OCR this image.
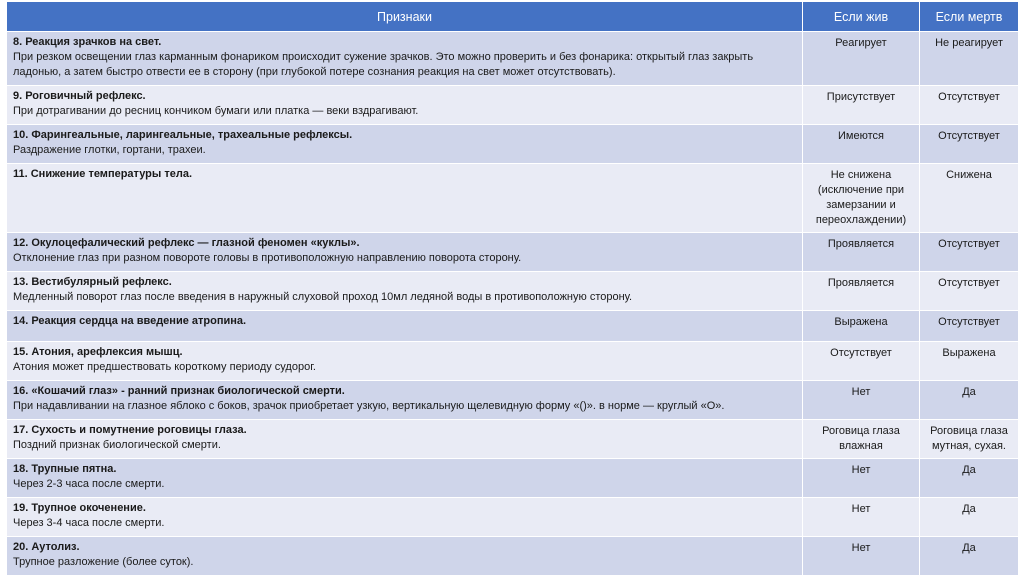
Признаки	Если жив	Если мертв

8. Реакция зрачков на свет.
При резком освещении глаз карманным фонариком происходит сужение зрачков. Это можно проверить и без фонарика: открытый глаз закрыть ладонью, а затем быстро отвести ее в сторону (при глубокой потере сознания реакция на свет может отсутствовать).	Реагирует	Не реагирует

9. Роговичный рефлекс.
При дотрагивании до ресниц кончиком бумаги или платка — веки вздрагивают.	Присутствует	Отсутствует

10. Фарингеальные, ларингеальные, трахеальные рефлексы.
Раздражение глотки, гортани, трахеи.	Имеются	Отсутствует

11. Снижение температуры тела.	Не снижена (исключение при замерзании и переохлаждении)	Снижена

12. Окулоцефалический рефлекс — глазной феномен «куклы».
Отклонение глаз при разном повороте головы в противоположную направлению поворота сторону.	Проявляется	Отсутствует

13. Вестибулярный рефлекс.
Медленный поворот глаз после введения в наружный слуховой проход 10мл ледяной воды в противоположную сторону.	Проявляется	Отсутствует

14. Реакция сердца на введение атропина.	Выражена	Отсутствует

15. Атония, арефлексия мышц.
Атония может предшествовать короткому периоду судорог.	Отсутствует	Выражена

16. «Кошачий глаз» - ранний признак биологической смерти.
При надавливании на глазное яблоко с боков, зрачок приобретает узкую, вертикальную щелевидную форму «()». в норме — круглый «О».	Нет	Да

17. Сухость и помутнение роговицы глаза.
Поздний признак биологической смерти.	Роговица глаза влажная	Роговица глаза мутная, сухая.

18. Трупные пятна.
Через 2-3 часа после смерти.	Нет	Да

19. Трупное окоченение.
Через 3-4 часа после смерти.	Нет	Да

20. Аутолиз.
Трупное разложение (более суток).	Нет	Да
